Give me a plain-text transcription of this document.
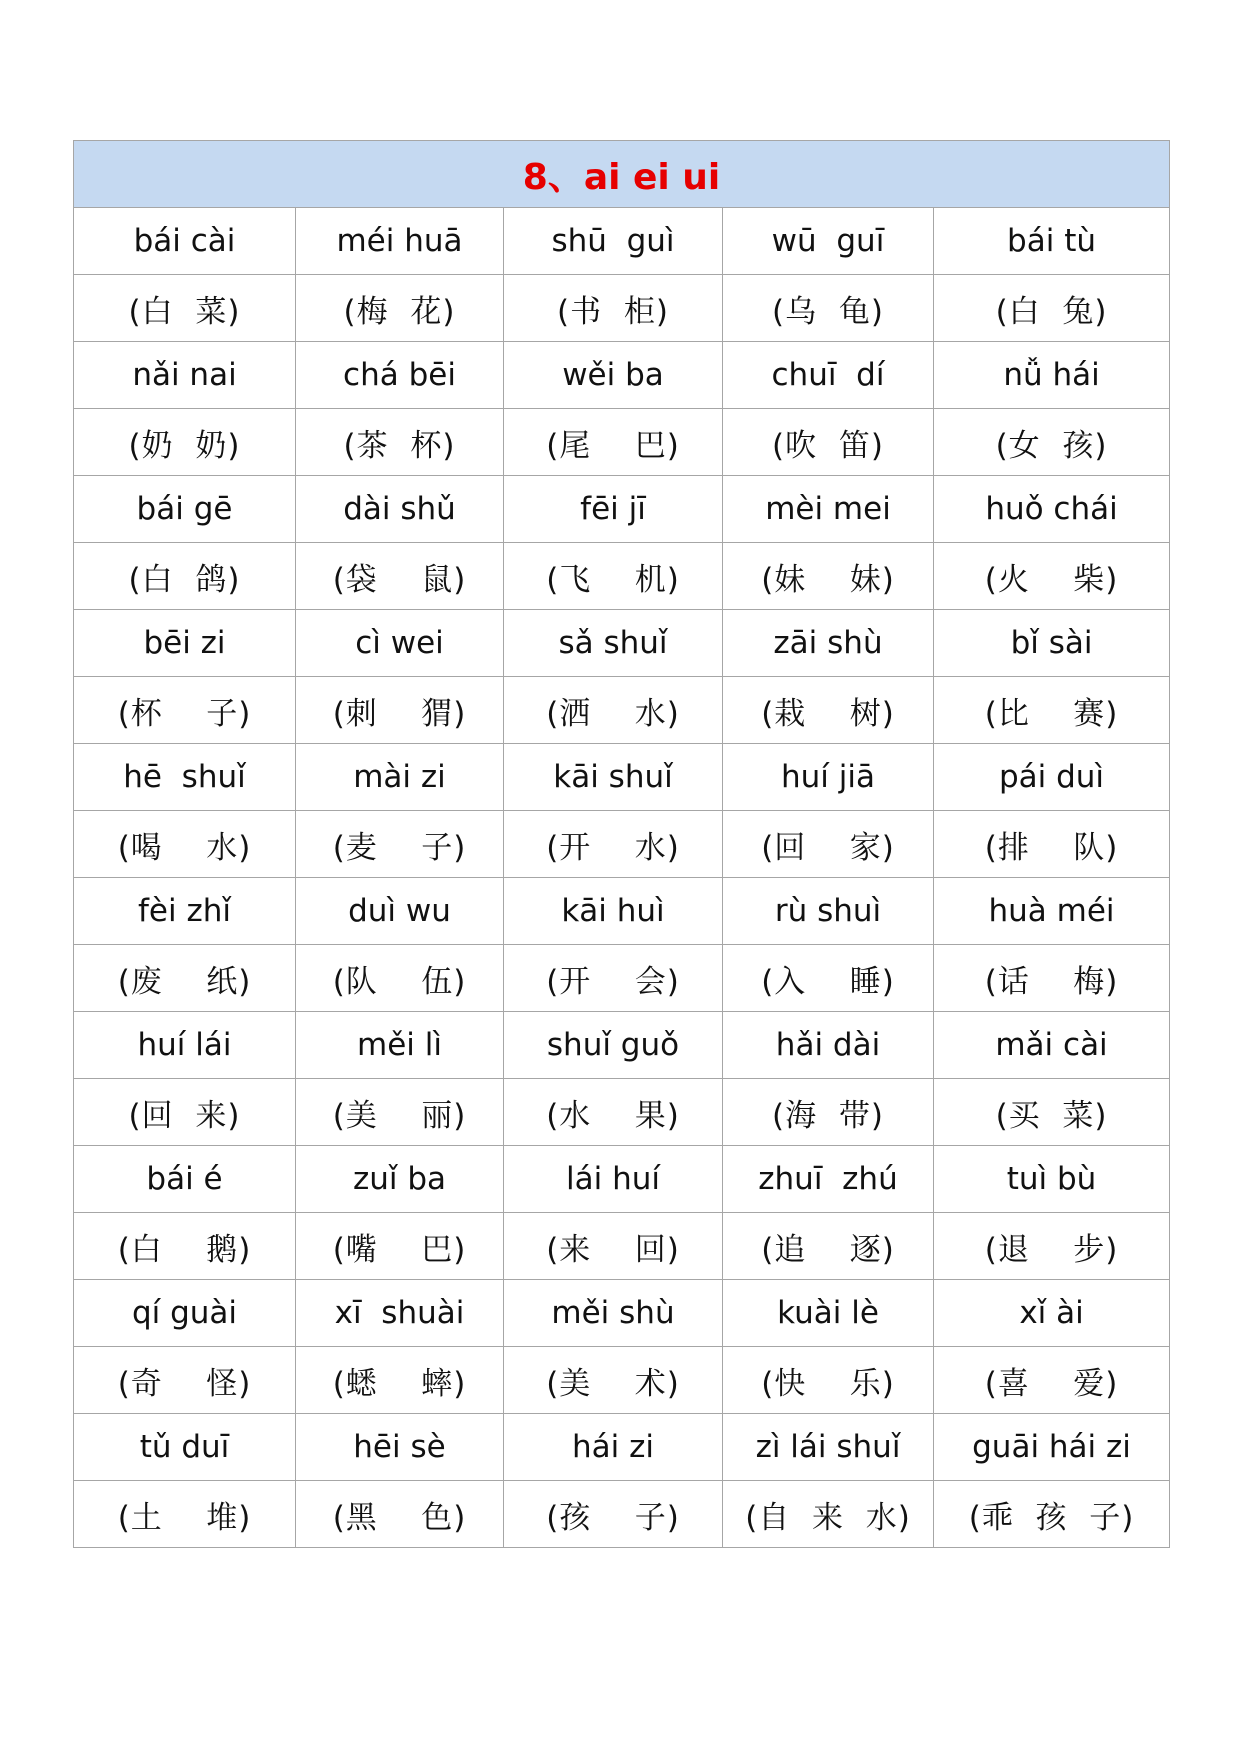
8、ai ei ui				
bái cài	méi huā	shū  guì	wū  guī	bái tù
(白  菜)	(梅  花)	(书  柜)	(乌  龟)	(白  兔)
nǎi nai	chá bēi	wěi ba	chuī  dí	nǚ hái
(奶  奶)	(茶  杯)	(尾    巴)	(吹  笛)	(女  孩)
bái gē	dài shǔ	fēi jī	mèi mei	huǒ chái
(白  鸽)	(袋    鼠)	(飞    机)	(妹    妹)	(火    柴)
bēi zi	cì wei	sǎ shuǐ	zāi shù	bǐ sài
(杯    子)	(刺    猬)	(洒    水)	(栽    树)	(比    赛)
hē  shuǐ	mài zi	kāi shuǐ	huí jiā	pái duì
(喝    水)	(麦    子)	(开    水)	(回    家)	(排    队)
fèi zhǐ	duì wu	kāi huì	rù shuì	huà méi
(废    纸)	(队    伍)	(开    会)	(入    睡)	(话    梅)
huí lái	měi lì	shuǐ guǒ	hǎi dài	mǎi cài
(回  来)	(美    丽)	(水    果)	(海  带)	(买  菜)
bái é	zuǐ ba	lái huí	zhuī  zhú	tuì bù
(白    鹅)	(嘴    巴)	(来    回)	(追    逐)	(退    步)
qí guài	xī  shuài	měi shù	kuài lè	xǐ ài
(奇    怪)	(蟋    蟀)	(美    术)	(快    乐)	(喜    爱)
tǔ duī	hēi sè	hái zi	zì lái shuǐ	guāi hái zi
(土    堆)	(黑    色)	(孩    子)	(自  来  水)	(乖  孩  子)
